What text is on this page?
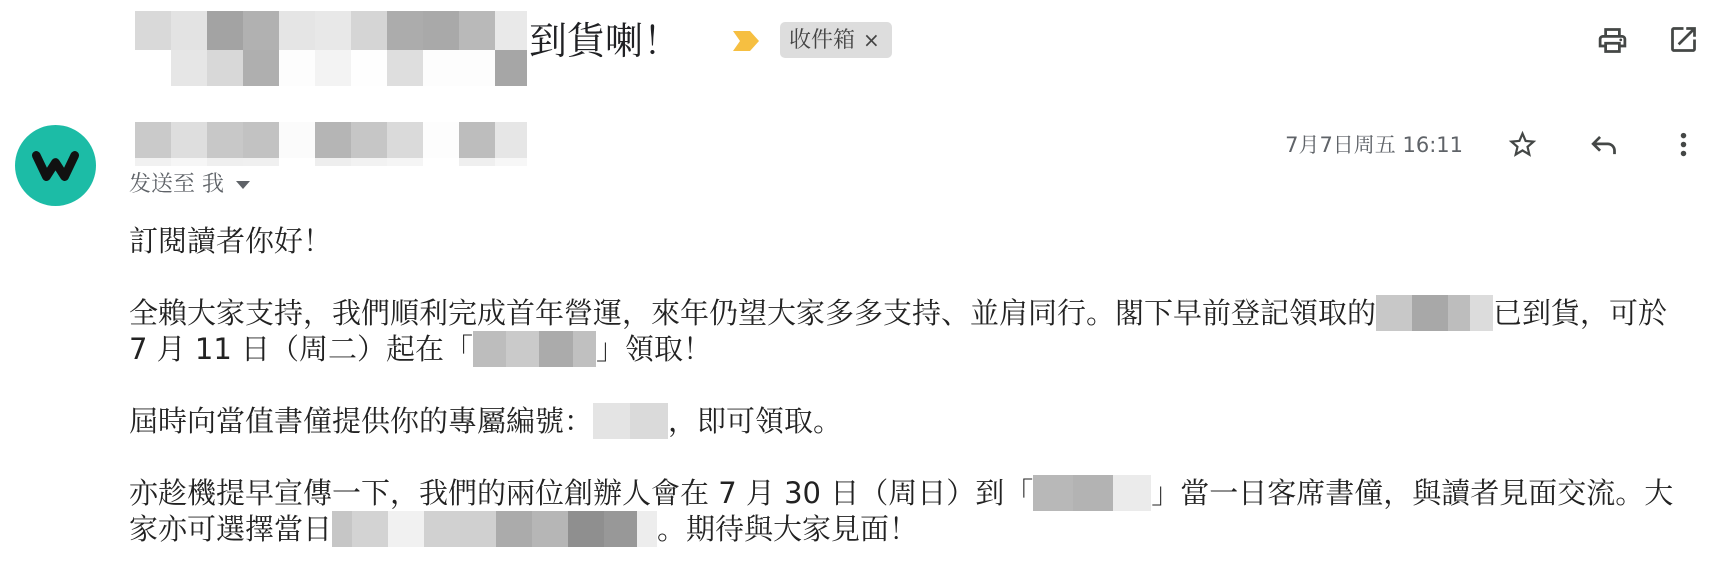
到貨喇！	收件箱 ×
发送至 我
7月7日周五 16:11
訂閱讀者你好！
全賴大家支持，我們順利完成首年營運，來年仍望大家多多支持、並肩同行。閣下早前登記領取的	已到貨，可於
7 月 11 日（周二）起在「	」領取！
屆時向當值書僮提供你的專屬編號：	，即可領取。
亦趁機提早宣傳一下，我們的兩位創辦人會在 7 月 30 日（周日）到「	」當一日客席書僮，與讀者見面交流。大
家亦可選擇當日	。期待與大家見面！
